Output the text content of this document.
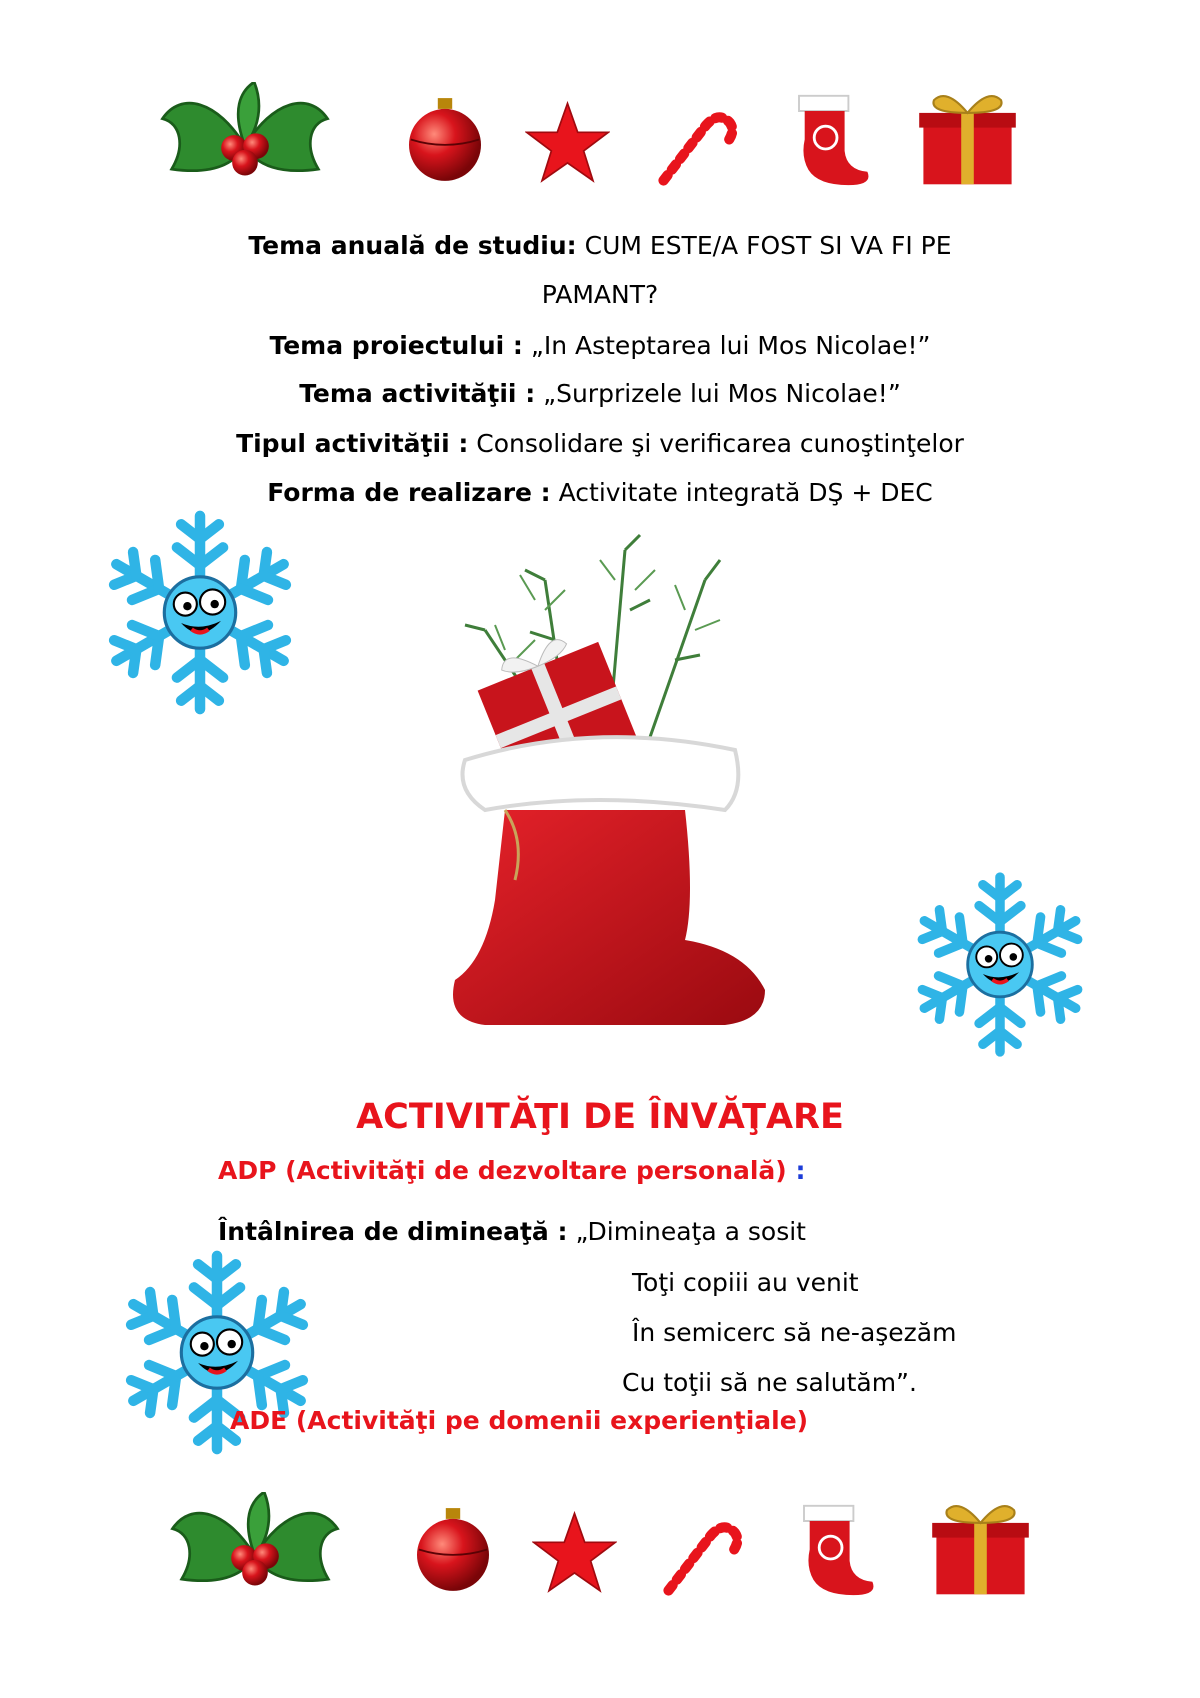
Tema anuală de studiu: CUM ESTE/A FOST SI VA FI PE
PAMANT?
Tema proiectului : „In Asteptarea lui Mos Nicolae!”
Tema activităţii : „Surprizele lui Mos Nicolae!”
Tipul activităţii : Consolidare şi verificarea cunoştinţelor
Forma de realizare : Activitate integrată DŞ + DEC
ACTIVITĂŢI DE ÎNVĂŢARE
ADP (Activităţi de dezvoltare personală) :
Întâlnirea de dimineaţă : „Dimineaţa a sosit
Toţi copiii au venit
În semicerc să ne-aşezăm
Cu toţii să ne salutăm”.
ADE (Activităţi pe domenii experienţiale)
